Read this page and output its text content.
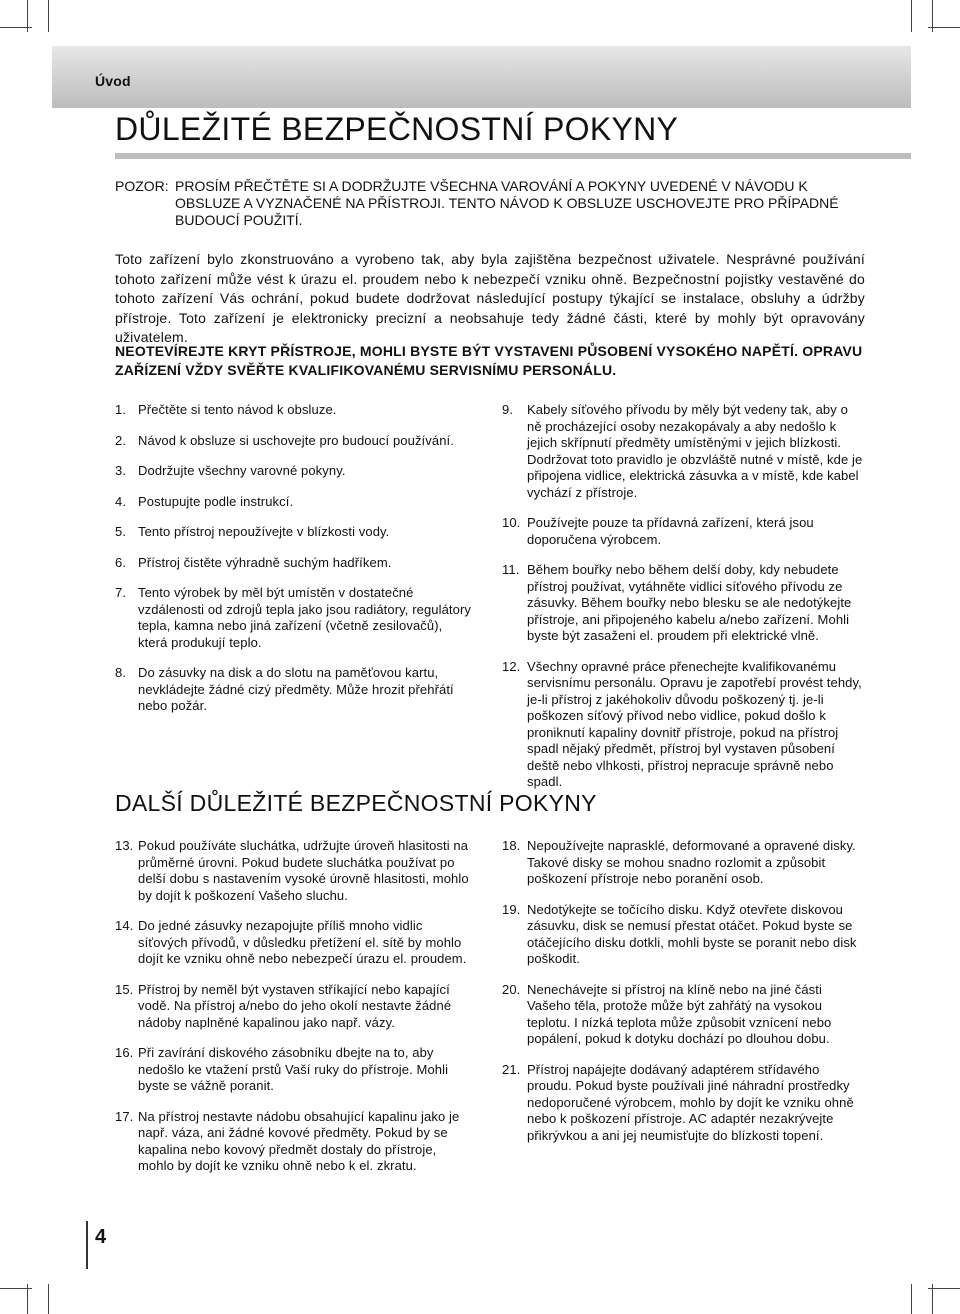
Úvod
DŮLEŽITÉ BEZPEČNOSTNÍ POKYNY
POZOR: PROSÍM PŘEČTĚTE SI A DODRŽUJTE VŠECHNA VAROVÁNÍ A POKYNY UVEDENÉ V NÁVODU K OBSLUZE A VYZNAČENÉ NA PŘÍSTROJI. TENTO NÁVOD K OBSLUZE USCHOVEJTE PRO PŘÍPADNÉ BUDOUCÍ POUŽITÍ.
Toto zařízení bylo zkonstruováno a vyrobeno tak, aby byla zajištěna bezpečnost uživatele. Nesprávné používání tohoto zařízení může vést k úrazu el. proudem nebo k nebezpečí vzniku ohně. Bezpečnostní pojistky vestavěné do tohoto zařízení Vás ochrání, pokud budete dodržovat následující postupy týkající se instalace, obsluhy a údržby přístroje. Toto zařízení je elektronicky precizní a neobsahuje tedy žádné části, které by mohly být opravovány uživatelem.
NEOTEVÍREJTE KRYT PŘÍSTROJE, MOHLI BYSTE BÝT VYSTAVENI PŮSOBENÍ VYSOKÉHO NAPĚTÍ. OPRAVU ZAŘÍZENÍ VŽDY SVĚŘTE KVALIFIKOVANÉMU SERVISNÍMU PERSONÁLU.
1. Přečtěte si tento návod k obsluze.
2. Návod k obsluze si uschovejte pro budoucí používání.
3. Dodržujte všechny varovné pokyny.
4. Postupujte podle instrukcí.
5. Tento přístroj nepoužívejte v blízkosti vody.
6. Přístroj čistěte výhradně suchým hadříkem.
7. Tento výrobek by měl být umístěn v dostatečné vzdálenosti od zdrojů tepla jako jsou radiátory, regulátory tepla, kamna nebo jiná zařízení (včetně zesilovačů), která produkují teplo.
8. Do zásuvky na disk a do slotu na paměťovou kartu, nevkládejte žádné cizý předměty. Může hrozit přehřátí nebo požár.
9.	Kabely síťového přívodu by měly být vedeny tak, aby o ně procházející osoby nezakopávaly a aby nedošlo k jejich skřípnutí předměty umístěnými v jejich blízkosti. Dodržovat toto pravidlo je obzvláště nutné v místě, kde je připojena vidlice, elektrická zásuvka a v místě, kde kabel vychází z přístroje.
10. Používejte pouze ta přídavná zařízení, která jsou doporučena výrobcem.
11. Během bouřky nebo během delší doby, kdy nebudete přístroj používat, vytáhněte vidlici síťového přívodu ze zásuvky. Během bouřky nebo blesku se ale nedotýkejte přístroje, ani připojeného kabelu a/nebo zařízení. Mohli byste být zasaženi el. proudem při elektrické vlně.
12. Všechny opravné práce přenechejte kvalifikovanému servisnímu personálu. Opravu je zapotřebí provést tehdy, je-li přístroj z jakéhokoliv důvodu poškozený tj. je-li poškozen síťový přívod nebo vidlice, pokud došlo k proniknutí kapaliny dovnitř přístroje, pokud na přístroj spadl nějaký předmět, přístroj byl vystaven působení deště nebo vlhkosti, přístroj nepracuje správně nebo spadl.
DALŠÍ DŮLEŽITÉ BEZPEČNOSTNÍ POKYNY
13. Pokud používáte sluchátka, udržujte úroveň hlasitosti na průměrné úrovni. Pokud budete sluchátka používat po delší dobu s nastavením vysoké úrovně hlasitosti, mohlo by dojít k poškození Vašeho sluchu.
14. Do jedné zásuvky nezapojujte příliš mnoho vidlic síťových přívodů, v důsledku přetížení el. sítě by mohlo dojít ke vzniku ohně nebo nebezpečí úrazu el. proudem.
15. Přístroj by neměl být vystaven stříkající nebo kapající vodě. Na přístroj a/nebo do jeho okolí nestavte žádné nádoby naplněné kapalinou jako např. vázy.
16. Při zavírání diskového zásobníku dbejte na to, aby nedošlo ke vtažení prstů Vaší ruky do přístroje. Mohli byste se vážně poranit.
17. Na přístroj nestavte nádobu obsahující kapalinu jako je např. váza, ani žádné kovové předměty. Pokud by se kapalina nebo kovový předmět dostaly do přístroje, mohlo by dojít ke vzniku ohně nebo k el. zkratu.
18. Nepoužívejte naprasklé, deformované a opravené disky. Takové disky se mohou snadno rozlomit a způsobit poškození přístroje nebo poranění osob.
19. Nedotýkejte se točícího disku. Když otevřete diskovou zásuvku, disk se nemusí přestat otáčet. Pokud byste se otáčejícího disku dotkli, mohli byste se poranit nebo disk poškodit.
20. Nenechávejte si přístroj na klíně nebo na jiné části Vašeho těla, protože může být zahřátý na vysokou teplotu. I nízká teplota může způsobit vznícení nebo popálení, pokud k dotyku dochází po dlouhou dobu.
21. Přístroj napájejte dodávaný adaptérem střídavého proudu. Pokud byste používali jiné náhradní prostředky nedoporučené výrobcem, mohlo by dojít ke vzniku ohně nebo k poškození přístroje. AC adaptér nezakrývejte přikrývkou a ani jej neumisťujte do blízkosti topení.
4
